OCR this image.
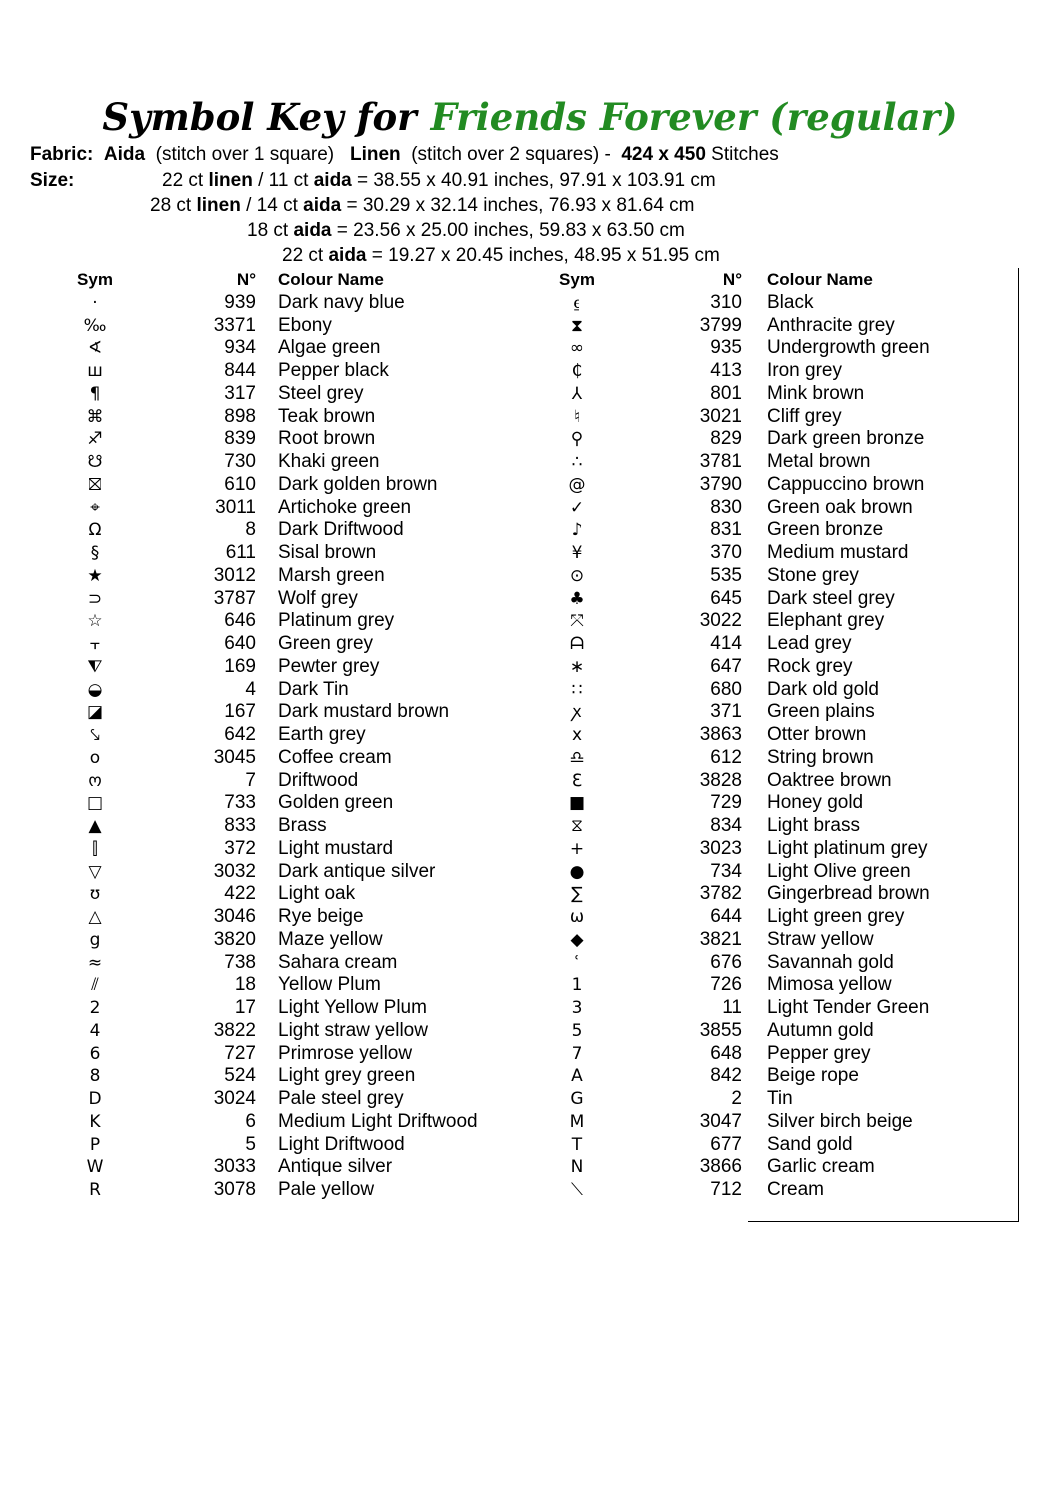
Symbol Key for Friends Forever (regular)
Fabric: Aida (stitch over 1 square) Linen (stitch over 2 squares) - 424 x 450 Stitches
Size:	22 ct linen / 11 ct aida = 38.55 x 40.91 inches, 97.91 x 103.91 cm
28 ct linen / 14 ct aida = 30.29 x 32.14 inches, 76.93 x 81.64 cm
18 ct aida = 23.56 x 25.00 inches, 59.83 x 63.50 cm
22 ct aida = 19.27 x 20.45 inches, 48.95 x 51.95 cm
Sym	N° Colour Name
·	939 Dark navy blue
‰	3371 Ebony
∢	934 Algae green
ш	844 Pepper black
¶	317 Steel grey
⌘	898 Teak brown
♐	839 Root brown
☋	730 Khaki green
⛝	610 Dark golden brown
⌖	3011 Artichoke green
Ω	8 Dark Driftwood
§	611 Sisal brown
★	3012 Marsh green
⊃	3787 Wolf grey
☆	646 Platinum grey
⫟	640 Green grey
⧨	169 Pewter grey
◒	4 Dark Tin
◪	167 Dark mustard brown
⤥	642 Earth grey
o	3045 Coffee cream
ო	7 Driftwood
□	733 Golden green
▲	833 Brass
⫿	372 Light mustard
▽	3032 Dark antique silver
ʊ	422 Light oak
△	3046 Rye beige
g	3820 Maze yellow
≈	738 Sahara cream
⫽	18 Yellow Plum
2	17 Light Yellow Plum
4	3822 Light straw yellow
6	727 Primrose yellow
8	524 Light grey green
D	3024 Pale steel grey
K	6 Medium Light Driftwood
P	5 Light Driftwood
W	3033 Antique silver
R	3078 Pale yellow
Sym	N° Colour Name
⍷	310 Black
⧗	3799 Anthracite grey
∞	935 Undergrowth green
₵	413 Iron grey
⅄	801 Mink brown
♮	3021 Cliff grey
⚲	829 Dark green bronze
∴	3781 Metal brown
@	3790 Cappuccino brown
✓	830 Green oak brown
♪	831 Green bronze
¥	370 Medium mustard
⊙	535 Stone grey
♣	645 Dark steel grey
⤧	3022 Elephant grey
ᗩ	414 Lead grey
∗	647 Rock grey
∷	680 Dark old gold
ꭗ	371 Green plains
x	3863 Otter brown
♎	612 String brown
ℇ	3828 Oaktree brown
■	729 Honey gold
⧖	834 Light brass
+	3023 Light platinum grey
●	734 Light Olive green
∑	3782 Gingerbread brown
ω	644 Light green grey
◆	3821 Straw yellow
ʿ	676 Savannah gold
1	726 Mimosa yellow
3	11 Light Tender Green
5	3855 Autumn gold
7	648 Pepper grey
A	842 Beige rope
G	2 Tin
M	3047 Silver birch beige
T	677 Sand gold
N	3866 Garlic cream
⟍	712 Cream
